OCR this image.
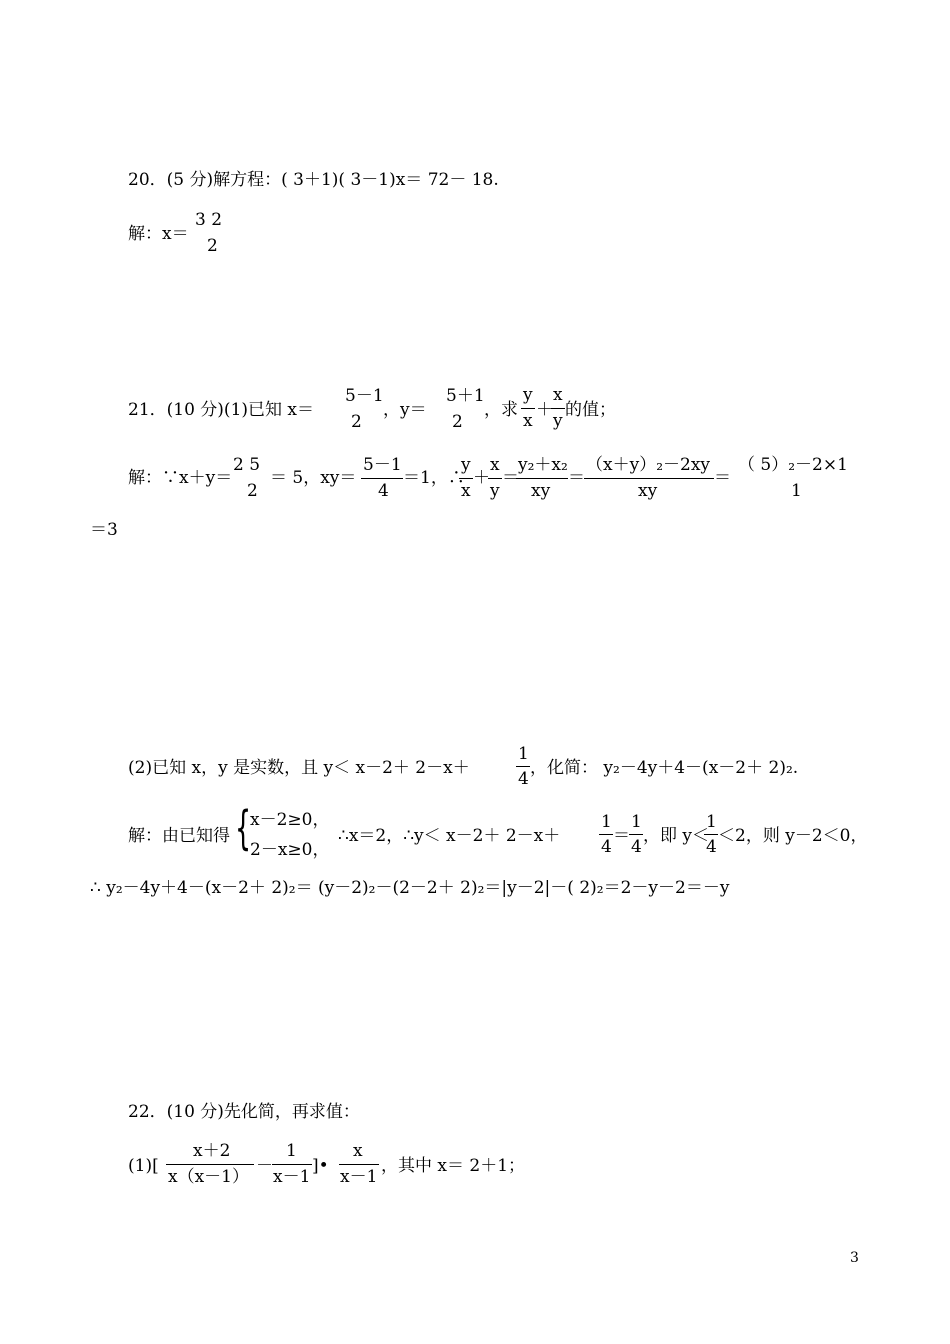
20．(5 分)解方程：( 3＋1)( 3－1)x＝ 72－ 18.
解：x＝
3 2
2
21．(10 分)(1)已知 x＝
5－1
2
，y＝
5＋1
2
，求
y
x
＋
x
y
的值；
解：∵x＋y＝
2 5
2
＝ 5，xy＝
5－1
4
＝1，∴
y
x
＋
x
y
＝
y₂＋x₂
xy
＝
（x＋y）₂－2xy
xy
＝
（ 5）₂－2×1
1
＝3
(2)已知 x，y 是实数，且 y＜ x－2＋ 2－x＋
1
4
，化简： y₂－4y＋4－(x－2＋ 2)₂.
解：由已知得 {
x－2≥0，
2－x≥0，
∴x＝2，∴y＜ x－2＋ 2－x＋
1
4
＝
1
4
，即 y＜
1
4
＜2，则 y－2＜0，
∴ y₂－4y＋4－(x－2＋ 2)₂＝ (y－2)₂－(2－2＋ 2)₂＝|y－2|－( 2)₂＝2－y－2＝－y
22．(10 分)先化简，再求值：
(1)[
x＋2
x（x－1）
－
1
x－1
]•
x
x－1
，其中 x＝ 2＋1；
3
